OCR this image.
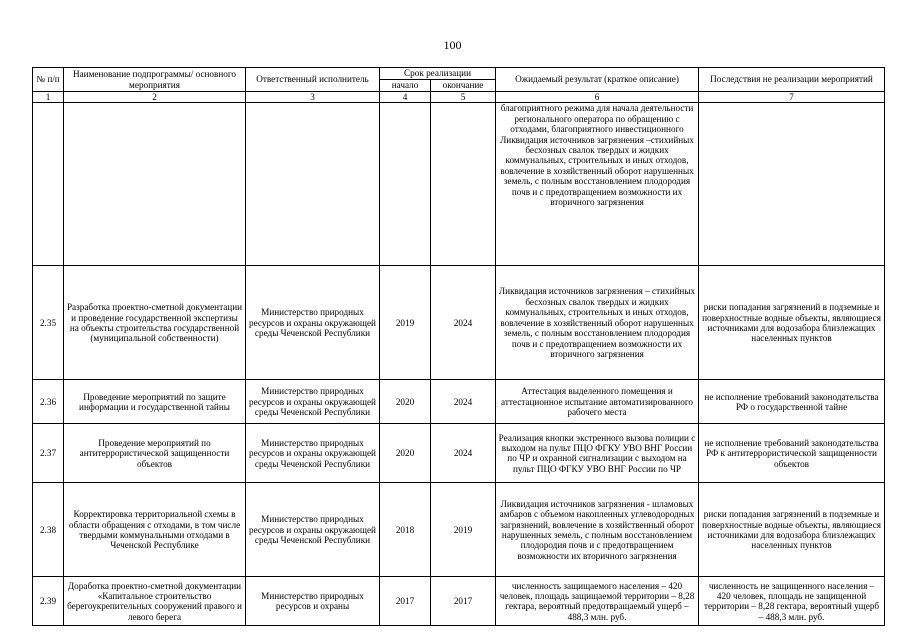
100
№ п/п	Наименование подпрограммы/ основного мероприятия	Ответственный исполнитель	Срок реализации		Ожидаемый результат (краткое описание)	Последствия не реализации мероприятий
			начало	окончание		
1	2	3	4	5	6	7
					благоприятного режима для начала деятельности регионального оператора по обращению с отходами, благоприятного инвестиционного Ликвидация источников загрязнения –стихийных бесхозных свалок твердых и жидких коммунальных, строительных и иных отходов, вовлечение в хозяйственный оборот нарушенных земель, с полным восстановлением плодородия почв и с предотвращением возможности их вторичного загрязнения	
2.35	Разработка проектно-сметной документации и проведение государственной экспертизы на объекты строительства государственной (муниципальной собственности)	Министерство природных ресурсов и охраны окружающей среды Чеченской Республики	2019	2024	Ликвидация источников загрязнения – стихийных бесхозных свалок твердых и жидких коммунальных, строительных и иных отходов, вовлечение в хозяйственный оборот нарушенных земель, с полным восстановлением плодородия почв и с предотвращением возможности их вторичного загрязнения	риски попадания загрязнений в подземные и поверхностные водные объекты, являющиеся источниками для водозабора близлежащих населенных пунктов
2.36	Проведение мероприятий по защите информации и государственной тайны	Министерство природных ресурсов и охраны окружающей среды Чеченской Республики	2020	2024	Аттестация выделенного помещения и аттестационное испытание автоматизированного рабочего места	не исполнение требований законодательства РФ о государственной тайне
2.37	Проведение мероприятий по антитеррористической защищенности объектов	Министерство природных ресурсов и охраны окружающей среды Чеченской Республики	2020	2024	Реализация кнопки экстренного вызова полиции с выходом на пульт ПЦО ФГКУ УВО ВНГ России по ЧР и охранной сигнализации с выходом на пульт ПЦО ФГКУ УВО ВНГ России по ЧР	не исполнение требований законодательства РФ к антитеррористической защищенности объектов
2.38	Корректировка территориальной схемы в области обращения с отходами, в том числе твердыми коммунальными отходами в Чеченской Республике	Министерство природных ресурсов и охраны окружающей среды Чеченской Республики	2018	2019	Ликвидация источников загрязнения - шламовых амбаров с объемом накопленных углеводородных загрязнений, вовлечение в хозяйственный оборот нарушенных земель, с полным восстановлением плодородия почв и с предотвращением возможности их вторичного загрязнения	риски попадания загрязнений в подземные и поверхностные водные объекты, являющиеся источниками для водозабора близлежащих населенных пунктов
2.39	Доработка проектно-сметной документации «Капитальное строительство берегоукрепительных сооружений правого и левого берега	Министерство природных ресурсов и охраны	2017	2017	численность защищаемого населения – 420 человек, площадь защищаемой территории – 8,28 гектара, вероятный предотвращаемый ущерб – 488,3 млн. руб.	численность не защищенного населения – 420 человек, площадь не защищенной территории – 8,28 гектара, вероятный ущерб – 488,3 млн. руб.
